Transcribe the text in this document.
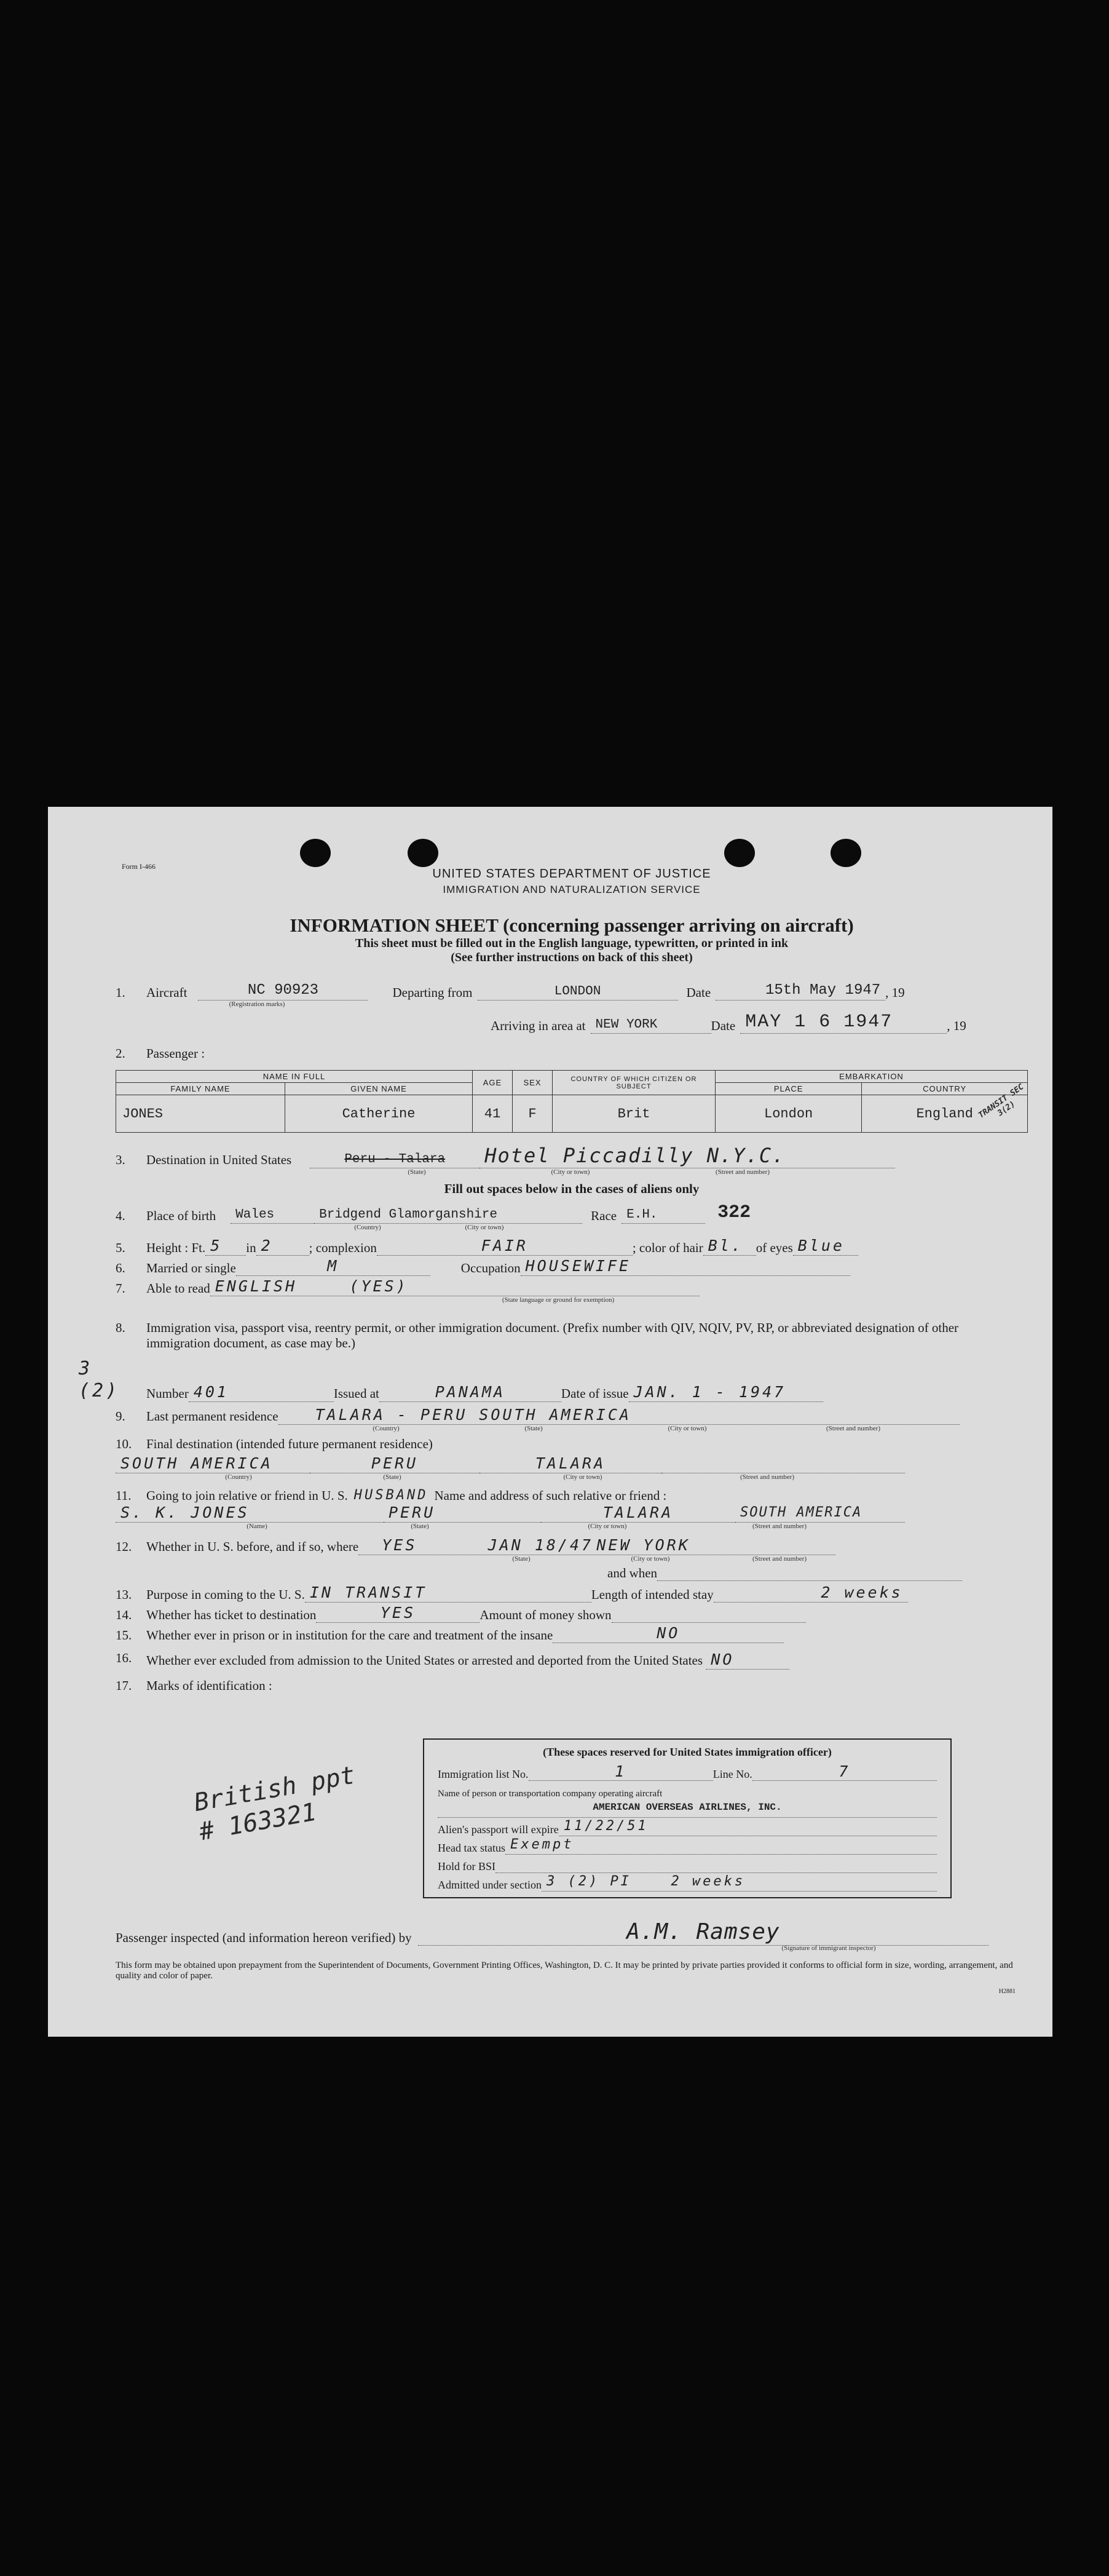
Form I-466
UNITED STATES DEPARTMENT OF JUSTICE
IMMIGRATION AND NATURALIZATION SERVICE
INFORMATION SHEET (concerning passenger arriving on aircraft)
This sheet must be filled out in the English language, typewritten, or printed in ink
(See further instructions on back of this sheet)
1.	Aircraft	NC 90923	Departing from	LONDON	Date	15th May 1947 , 19
(Registration marks)
Arriving in area at NEW YORK	Date MAY 1 6 1947	, 19
2.	Passenger :
NAME IN FULL		AGE	SEX	COUNTRY OF WHICH CITIZEN OR SUBJECT	EMBARKATION	
FAMILY NAME	GIVEN NAME				PLACE	COUNTRY
JONES	Catherine	41	F	Brit	London	England
3.	Destination in United States	Peru - Talara	Hotel Piccadilly N.Y.C.
(State)	(City or town)	(Street and number)
Fill out spaces below in the cases of aliens only
4.	Place of birth	Wales	Bridgend Glamorganshire	Race E.H.	322
(Country)	(City or town)
5.	Height : Ft. 5	in 2	; complexion	FAIR	; color of hair Bl. of eyes Blue
6.	Married or single	M	Occupation HOUSEWIFE
7.	Able to read ENGLISH	(YES)
(State language or ground for exemption)
8.	Immigration visa, passport visa, reentry permit, or other immigration document. (Prefix number with QIV, NQIV, PV, RP, or abbreviated designation of other immigration document, as case may be.)
3 (2)	Number 401	Issued at	PANAMA	Date of issue JAN. 1 - 1947
9.	Last permanent residence	TALARA - PERU SOUTH AMERICA
(Country)	(State)	(City or town)	(Street and number)
10.	Final destination (intended future permanent residence)
SOUTH AMERICA	PERU	TALARA
(Country)	(State)	(City or town)	(Street and number)
11.	Going to join relative or friend in U. S. HUSBAND Name and address of such relative or friend :
S. K. JONES	PERU	TALARA	SOUTH AMERICA
(Name)	(State)	(City or town)	(Street and number)
12.	Whether in U. S. before, and if so, where	YES	JAN 18/47 NEW YORK
(State)	(City or town)	(Street and number)
and when
13.	Purpose in coming to the U. S. IN TRANSIT	Length of intended stay	2 weeks
14.	Whether has ticket to destination	YES	Amount of money shown
15.	Whether ever in prison or in institution for the care and treatment of the insane	NO
16.	Whether ever excluded from admission to the United States or arrested and deported from the United States NO
17.	Marks of identification :
British ppt # 163321
(These spaces reserved for United States immigration officer)
Immigration list No.	1	Line No.	7
Name of person or transportation company operating aircraft
AMERICAN OVERSEAS AIRLINES, INC.
Alien's passport will expire 11/22/51
Head tax status Exempt
Hold for BSI
Admitted under section 3 (2) PI	2 weeks
Passenger inspected (and information hereon verified) by	A.M. Ramsey
(Signature of immigrant inspector)
This form may be obtained upon prepayment from the Superintendent of Documents, Government Printing Offices, Washington, D. C. It may be printed by private parties provided it conforms to official form in size, wording, arrangement, and quality and color of paper.
H2881
TRANSIT SEC 3(2)
